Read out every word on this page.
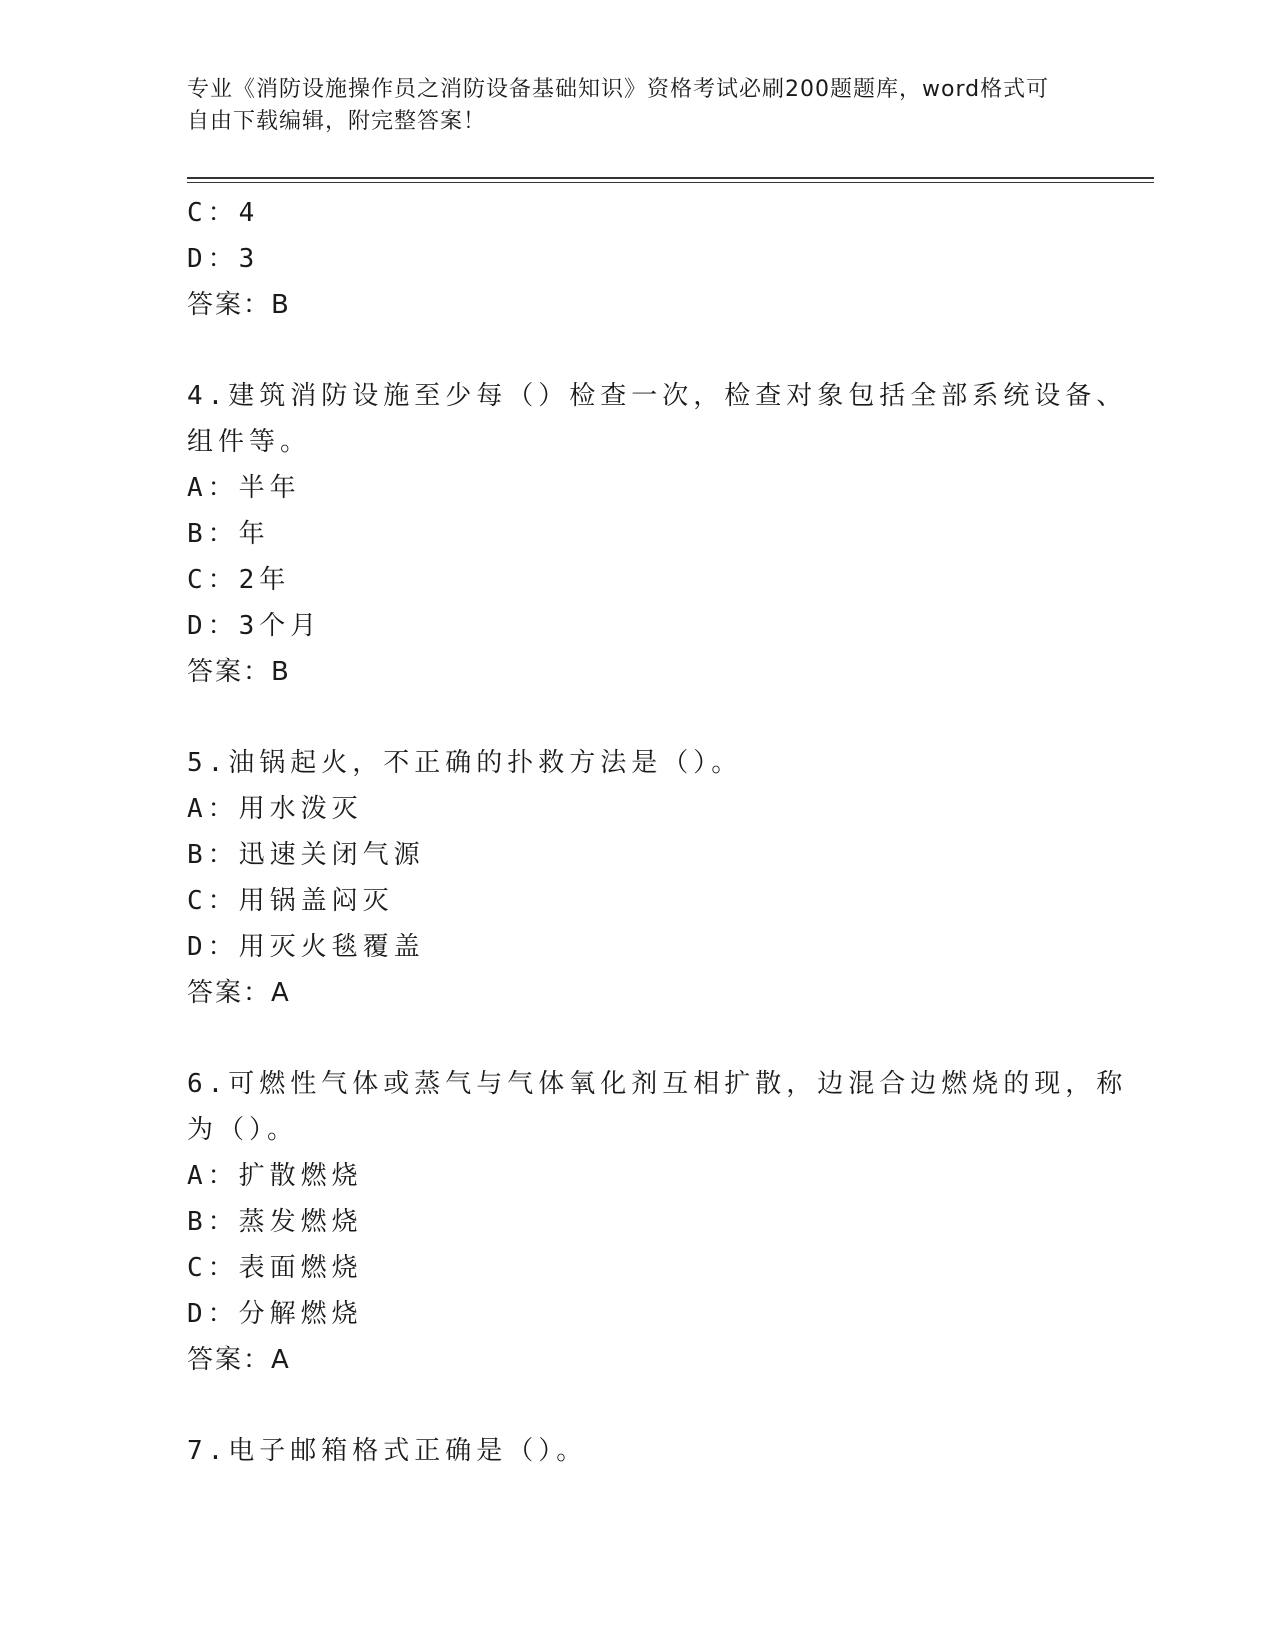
专业《消防设施操作员之消防设备基础知识》资格考试必刷200题题库，word格式可自由下载编辑，附完整答案！
C：4
D：3
答案：B
4.建筑消防设施至少每（）检查一次，检查对象包括全部系统设备、
组件等。
A：半年
B：年
C：2年
D：3个月
答案：B
5.油锅起火，不正确的扑救方法是（）。
A：用水泼灭
B：迅速关闭气源
C：用锅盖闷灭
D：用灭火毯覆盖
答案：A
6.可燃性气体或蒸气与气体氧化剂互相扩散，边混合边燃烧的现，称
为（）。
A：扩散燃烧
B：蒸发燃烧
C：表面燃烧
D：分解燃烧
答案：A
7.电子邮箱格式正确是（）。
